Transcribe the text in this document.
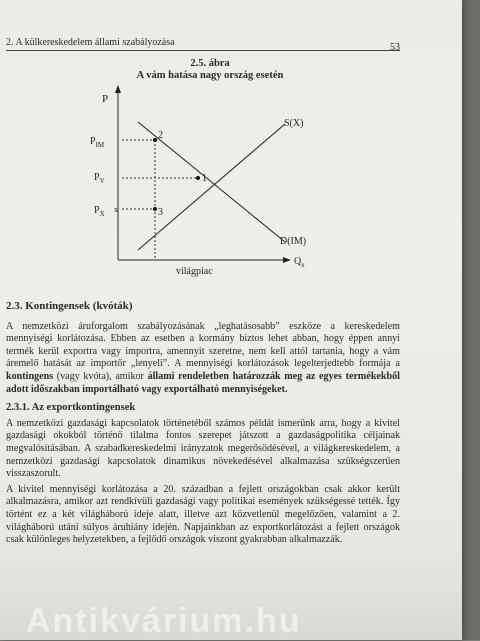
2. A külkereskedelem állami szabályozása	53
2.5. ábra
A vám hatása nagy ország esetén
x
P
$P_{IM}$
$P_V$
$P_X$
2
3
1
S(X)
D(IM)
világpiac
$Q_x$
2.3. Kontingensek (kvóták)

A nemzetközi áruforgalom szabályozásának „leghatásosabb” eszköze a kereskedelem mennyiségi korlátozása. Ebben az esetben a kormány biztos lehet abban, hogy éppen annyi termék kerül exportra vagy importra, amennyit szeretne, nem kell attól tartania, hogy a vám áremelő hatását az importőr „lenyeli”. A mennyiségi korlátozások legelterjedtebb formája a kontingens (vagy kvóta), amikor állami rendeletben határozzák meg az egyes termékekből adott időszakban importálható vagy exportálható mennyiségeket.

2.3.1. Az exportkontingensek

A nemzetközi gazdasági kapcsolatok történetéből számos példát ismerünk arra, hogy a kivitel gazdasági okokból történő tilalma fontos szerepet játszott a gazdaságpolitika céljainak megvalósításában. A szabadkereskedelmi irányzatok megerősödésével, a világkereskedelem, a nemzetközi gazdasági kapcsolatok dinamikus növekedésével alkalmazása szükségszerűen visszaszorult.

A kivitel mennyiségi korlátozása a 20. században a fejlett országokban csak akkor került alkalmazásra, amikor azt rendkívüli gazdasági vagy politikai események szükségessé tették. Így történt ez a két világháború ideje alatt, illetve azt közvetlenül megelőzően, valamint a 2. világháború utáni súlyos áruhiány idején. Napjainkban az exportkorlátozást a fejlett országok csak különleges helyzetekben, a fejlődő országok viszont gyakrabban alkalmazzák.

Antikvárium.hu
